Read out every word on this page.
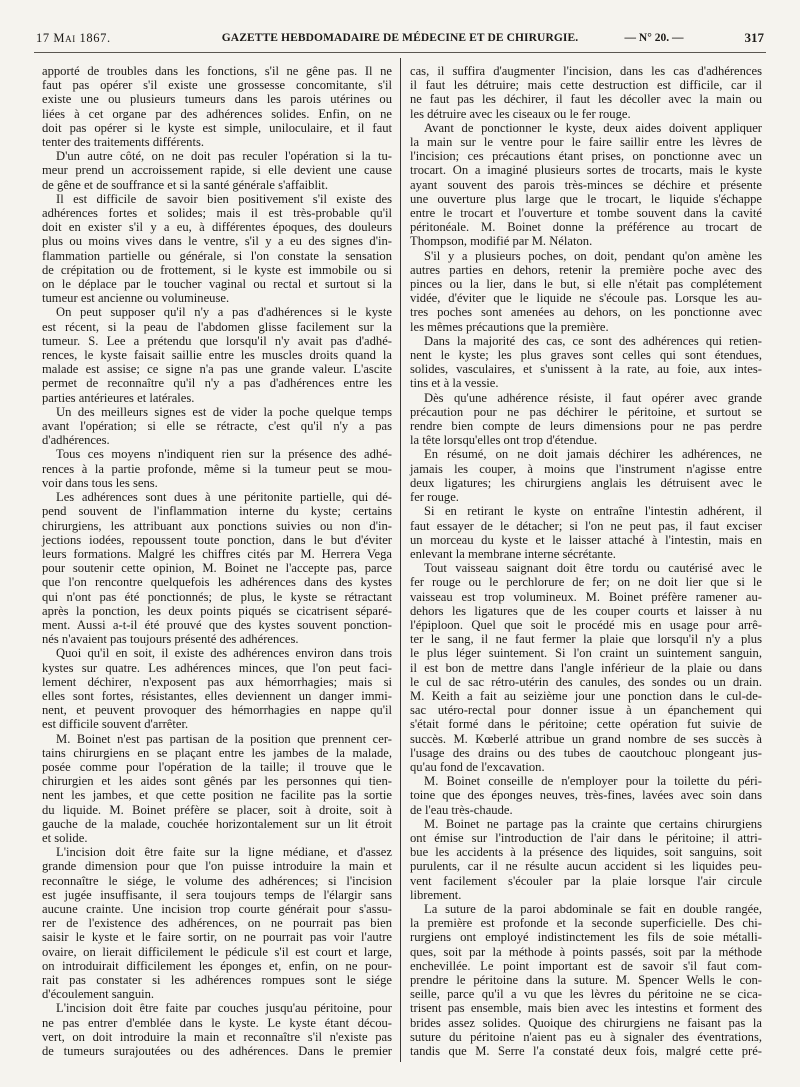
17 Mai 1867.	GAZETTE HEBDOMADAIRE DE MÉDECINE ET DE CHIRURGIE.	— N° 20. —	317
apporté de troubles dans les fonctions, s'il ne gêne pas. Il ne
faut pas opérer s'il existe une grossesse concomitante, s'il
existe une ou plusieurs tumeurs dans les parois utérines ou
liées à cet organe par des adhérences solides. Enfin, on ne
doit pas opérer si le kyste est simple, uniloculaire, et il faut
tenter des traitements différents.
D'un autre côté, on ne doit pas reculer l'opération si la tu-
meur prend un accroissement rapide, si elle devient une cause
de gêne et de souffrance et si la santé générale s'affaiblit.
Il est difficile de savoir bien positivement s'il existe des
adhérences fortes et solides; mais il est très-probable qu'il
doit en exister s'il y a eu, à différentes époques, des douleurs
plus ou moins vives dans le ventre, s'il y a eu des signes d'in-
flammation partielle ou générale, si l'on constate la sensation
de crépitation ou de frottement, si le kyste est immobile ou si
on le déplace par le toucher vaginal ou rectal et surtout si la
tumeur est ancienne ou volumineuse.
On peut supposer qu'il n'y a pas d'adhérences si le kyste
est récent, si la peau de l'abdomen glisse facilement sur la
tumeur. S. Lee a prétendu que lorsqu'il n'y avait pas d'adhé-
rences, le kyste faisait saillie entre les muscles droits quand la
malade est assise; ce signe n'a pas une grande valeur. L'ascite
permet de reconnaître qu'il n'y a pas d'adhérences entre les
parties antérieures et latérales.
Un des meilleurs signes est de vider la poche quelque temps
avant l'opération; si elle se rétracte, c'est qu'il n'y a pas
d'adhérences.
Tous ces moyens n'indiquent rien sur la présence des adhé-
rences à la partie profonde, même si la tumeur peut se mou-
voir dans tous les sens.
Les adhérences sont dues à une péritonite partielle, qui dé-
pend souvent de l'inflammation interne du kyste; certains
chirurgiens, les attribuant aux ponctions suivies ou non d'in-
jections iodées, repoussent toute ponction, dans le but d'éviter
leurs formations. Malgré les chiffres cités par M. Herrera Vega
pour soutenir cette opinion, M. Boinet ne l'accepte pas, parce
que l'on rencontre quelquefois les adhérences dans des kystes
qui n'ont pas été ponctionnés; de plus, le kyste se rétractant
après la ponction, les deux points piqués se cicatrisent séparé-
ment. Aussi a-t-il été prouvé que des kystes souvent ponction-
nés n'avaient pas toujours présenté des adhérences.
Quoi qu'il en soit, il existe des adhérences environ dans trois
kystes sur quatre. Les adhérences minces, que l'on peut faci-
lement déchirer, n'exposent pas aux hémorrhagies; mais si
elles sont fortes, résistantes, elles deviennent un danger immi-
nent, et peuvent provoquer des hémorrhagies en nappe qu'il
est difficile souvent d'arrêter.
M. Boinet n'est pas partisan de la position que prennent cer-
tains chirurgiens en se plaçant entre les jambes de la malade,
posée comme pour l'opération de la taille; il trouve que le
chirurgien et les aides sont gênés par les personnes qui tien-
nent les jambes, et que cette position ne facilite pas la sortie
du liquide. M. Boinet préfère se placer, soit à droite, soit à
gauche de la malade, couchée horizontalement sur un lit étroit
et solide.
L'incision doit être faite sur la ligne médiane, et d'assez
grande dimension pour que l'on puisse introduire la main et
reconnaître le siége, le volume des adhérences; si l'incision
est jugée insuffisante, il sera toujours temps de l'élargir sans
aucune crainte. Une incision trop courte générait pour s'assu-
rer de l'existence des adhérences, on ne pourrait pas bien
saisir le kyste et le faire sortir, on ne pourrait pas voir l'autre
ovaire, on lierait difficilement le pédicule s'il est court et large,
on introduirait difficilement les éponges et, enfin, on ne pour-
rait pas constater si les adhérences rompues sont le siége
d'écoulement sanguin.
L'incision doit être faite par couches jusqu'au péritoine, pour
ne pas entrer d'emblée dans le kyste. Le kyste étant décou-
vert, on doit introduire la main et reconnaître s'il n'existe pas
de tumeurs surajoutées ou des adhérences. Dans le premier
cas, il suffira d'augmenter l'incision, dans les cas d'adhérences
il faut les détruire; mais cette destruction est difficile, car il
ne faut pas les déchirer, il faut les décoller avec la main ou
les détruire avec les ciseaux ou le fer rouge.
Avant de ponctionner le kyste, deux aides doivent appliquer
la main sur le ventre pour le faire saillir entre les lèvres de
l'incision; ces précautions étant prises, on ponctionne avec un
trocart. On a imaginé plusieurs sortes de trocarts, mais le kyste
ayant souvent des parois très-minces se déchire et présente
une ouverture plus large que le trocart, le liquide s'échappe
entre le trocart et l'ouverture et tombe souvent dans la cavité
péritonéale. M. Boinet donne la préférence au trocart de
Thompson, modifié par M. Nélaton.
S'il y a plusieurs poches, on doit, pendant qu'on amène les
autres parties en dehors, retenir la première poche avec des
pinces ou la lier, dans le but, si elle n'était pas complétement
vidée, d'éviter que le liquide ne s'écoule pas. Lorsque les au-
tres poches sont amenées au dehors, on les ponctionne avec
les mêmes précautions que la première.
Dans la majorité des cas, ce sont des adhérences qui retien-
nent le kyste; les plus graves sont celles qui sont étendues,
solides, vasculaires, et s'unissent à la rate, au foie, aux intes-
tins et à la vessie.
Dès qu'une adhérence résiste, il faut opérer avec grande
précaution pour ne pas déchirer le péritoine, et surtout se
rendre bien compte de leurs dimensions pour ne pas perdre
la tête lorsqu'elles ont trop d'étendue.
En résumé, on ne doit jamais déchirer les adhérences, ne
jamais les couper, à moins que l'instrument n'agisse entre
deux ligatures; les chirurgiens anglais les détruisent avec le
fer rouge.
Si en retirant le kyste on entraîne l'intestin adhérent, il
faut essayer de le détacher; si l'on ne peut pas, il faut exciser
un morceau du kyste et le laisser attaché à l'intestin, mais en
enlevant la membrane interne sécrétante.
Tout vaisseau saignant doit être tordu ou cautérisé avec le
fer rouge ou le perchlorure de fer; on ne doit lier que si le
vaisseau est trop volumineux. M. Boinet préfère ramener au-
dehors les ligatures que de les couper courts et laisser à nu
l'épiploon. Quel que soit le procédé mis en usage pour arrê-
ter le sang, il ne faut fermer la plaie que lorsqu'il n'y a plus
le plus léger suintement. Si l'on craint un suintement sanguin,
il est bon de mettre dans l'angle inférieur de la plaie ou dans
le cul de sac rétro-utérin des canules, des sondes ou un drain.
M. Keith a fait au seizième jour une ponction dans le cul-de-
sac utéro-rectal pour donner issue à un épanchement qui
s'était formé dans le péritoine; cette opération fut suivie de
succès. M. Kœberlé attribue un grand nombre de ses succès à
l'usage des drains ou des tubes de caoutchouc plongeant jus-
qu'au fond de l'excavation.
M. Boinet conseille de n'employer pour la toilette du péri-
toine que des éponges neuves, très-fines, lavées avec soin dans
de l'eau très-chaude.
M. Boinet ne partage pas la crainte que certains chirurgiens
ont émise sur l'introduction de l'air dans le péritoine; il attri-
bue les accidents à la présence des liquides, soit sanguins, soit
purulents, car il ne résulte aucun accident si les liquides peu-
vent facilement s'écouler par la plaie lorsque l'air circule
librement.
La suture de la paroi abdominale se fait en double rangée,
la première est profonde et la seconde superficielle. Des chi-
rurgiens ont employé indistinctement les fils de soie métalli-
ques, soit par la méthode à points passés, soit par la méthode
enchevillée. Le point important est de savoir s'il faut com-
prendre le péritoine dans la suture. M. Spencer Wells le con-
seille, parce qu'il a vu que les lèvres du péritoine ne se cica-
trisent pas ensemble, mais bien avec les intestins et forment des
brides assez solides. Quoique des chirurgiens ne faisant pas la
suture du péritoine n'aient pas eu à signaler des éventrations,
tandis que M. Serre l'a constaté deux fois, malgré cette pré-
